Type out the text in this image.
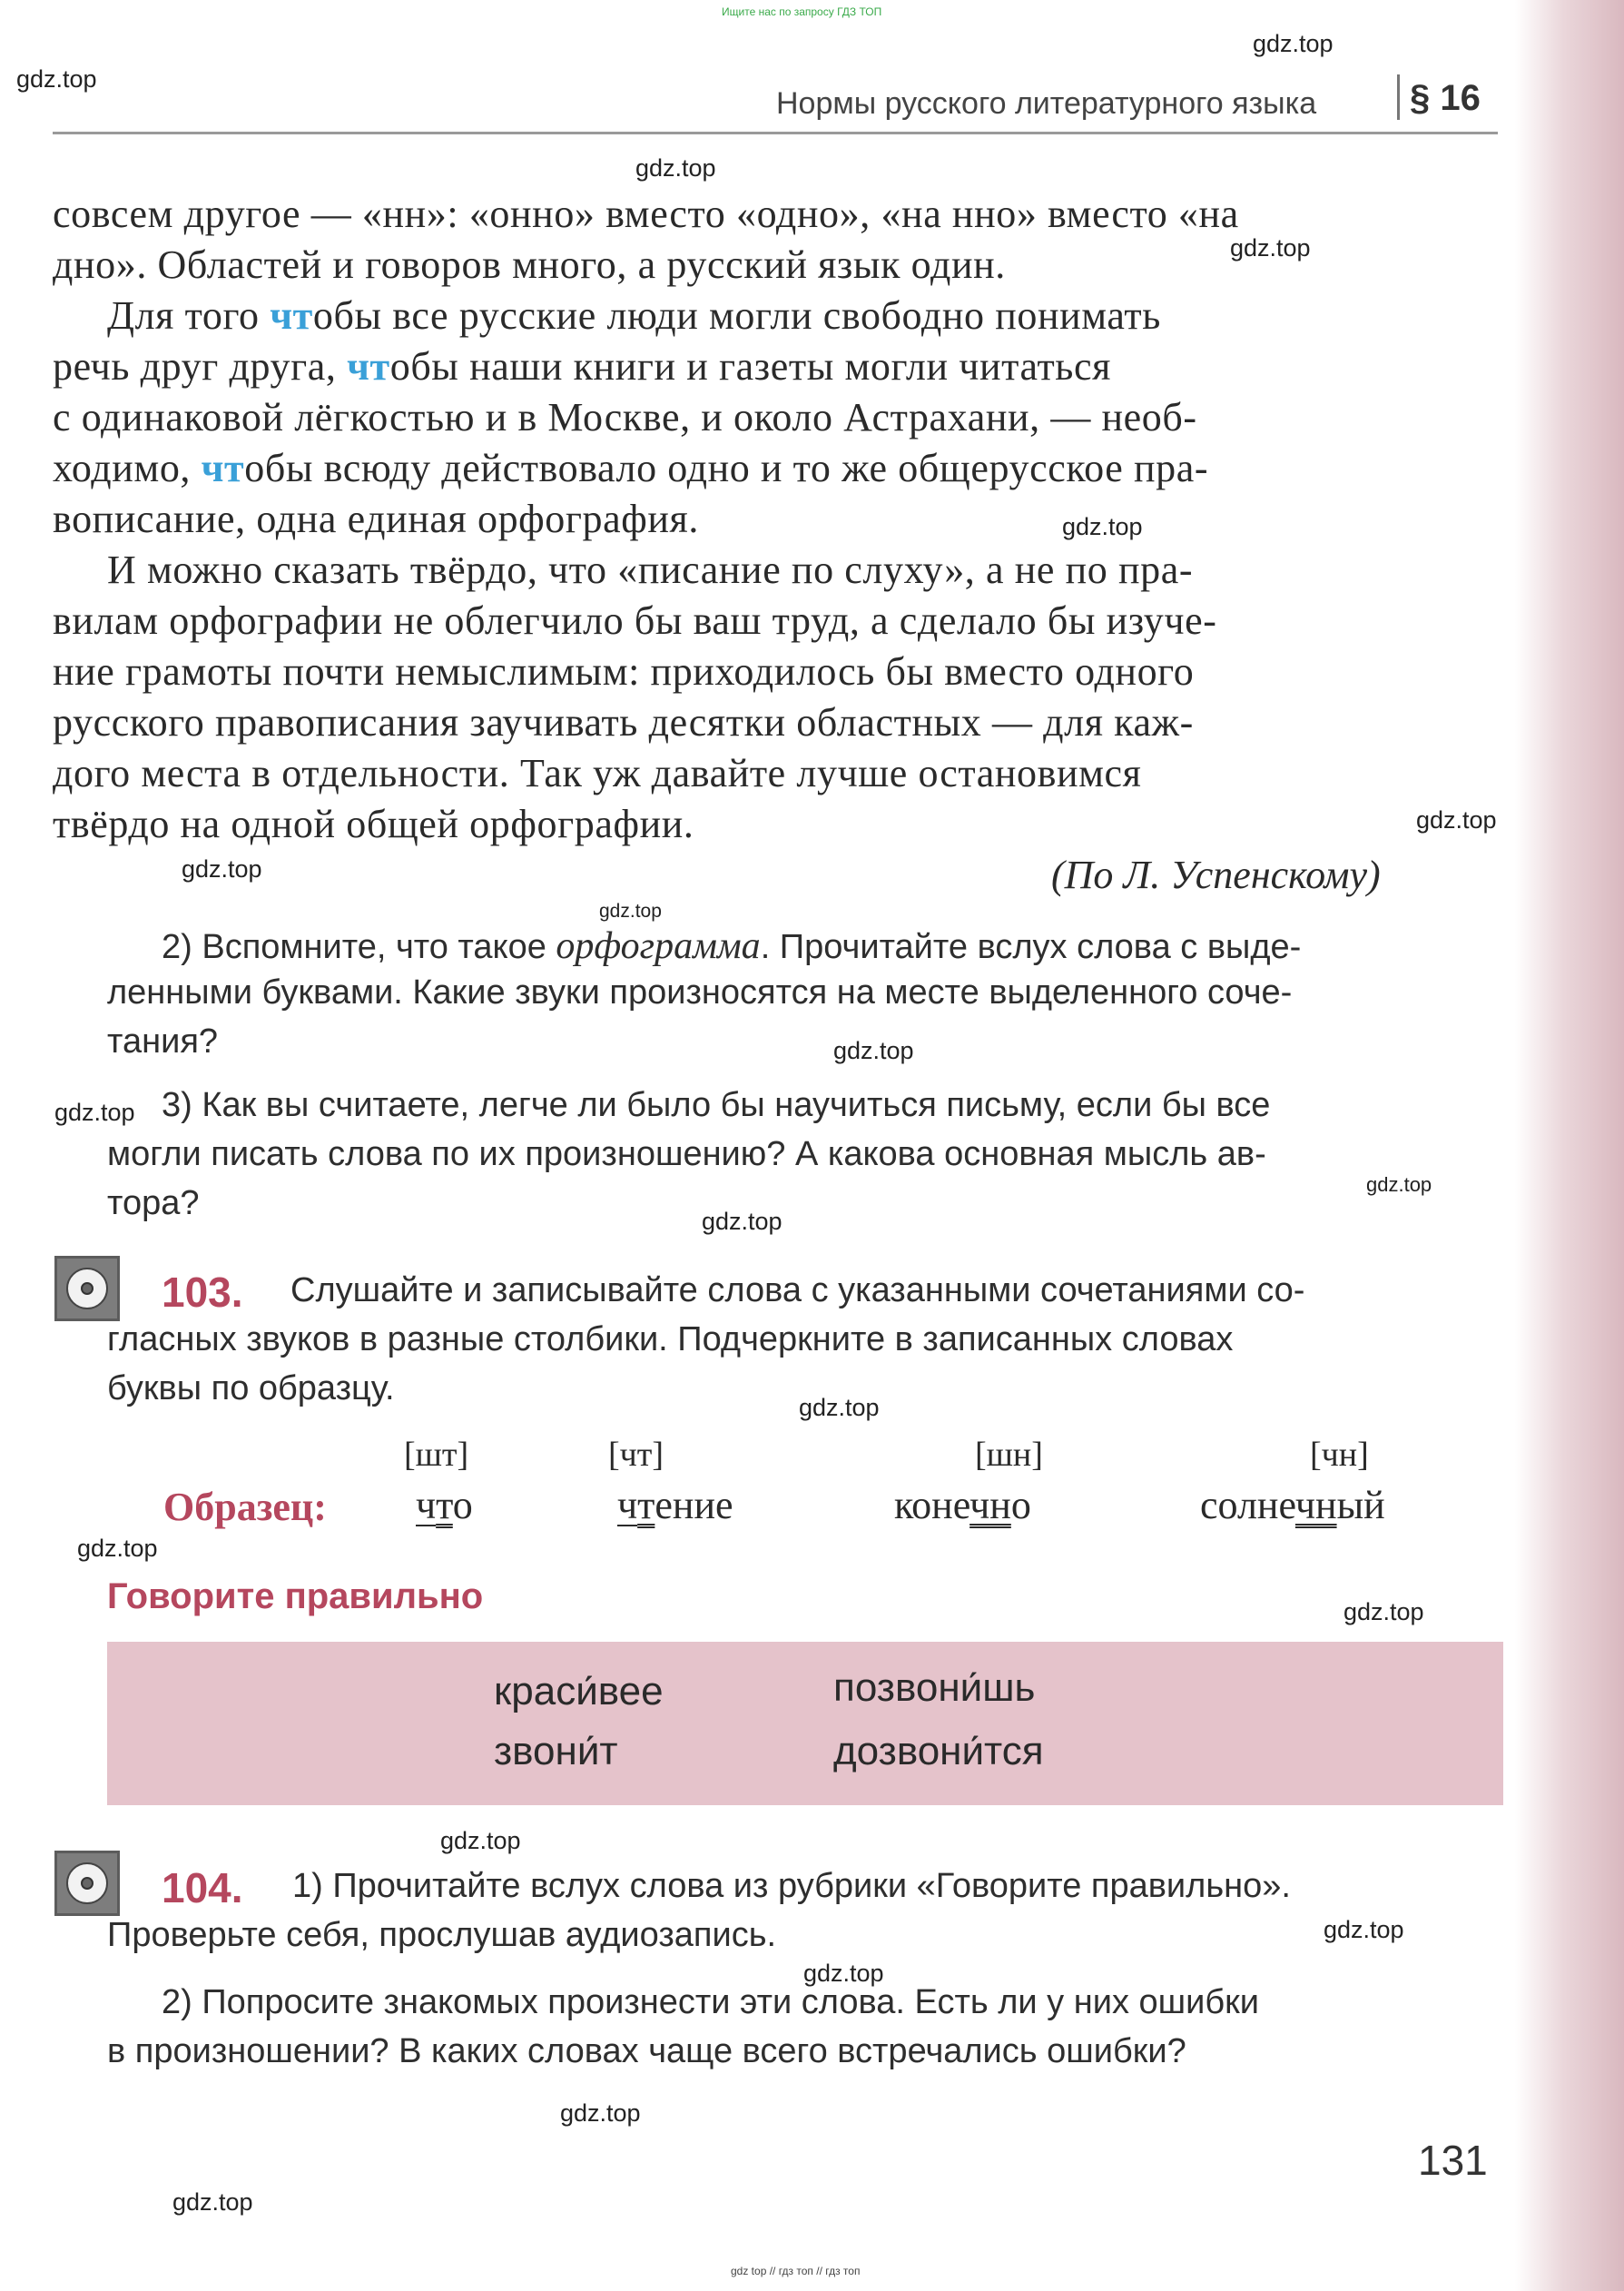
Ищите нас по запросу ГДЗ ТОП
gdz.top
gdz.top
gdz.top
gdz.top
gdz.top
gdz.top
gdz.top
gdz.top
gdz.top
gdz.top
gdz.top
gdz.top
gdz.top
gdz.top
gdz.top
gdz.top
gdz.top
gdz.top
gdz.top
gdz.top
gdz top // гдз топ // гдз топ
Нормы русского литературного языка	§ 16
совсем другое — «нн»: «онно» вместо «одно», «на нно» вместо «на
дно». Областей и говоров много, а русский язык один.
Для того чтобы все русские люди могли свободно понимать
речь друг друга, чтобы наши книги и газеты могли читаться
с одинаковой лёгкостью и в Москве, и около Астрахани, — необ-
ходимо, чтобы всюду действовало одно и то же общерусское пра-
вописание, одна единая орфография.
И можно сказать твёрдо, что «писание по слуху», а не по пра-
вилам орфографии не облегчило бы ваш труд, а сделало бы изуче-
ние грамоты почти немыслимым: приходилось бы вместо одного
русского правописания заучивать десятки областных — для каж-
дого места в отдельности. Так уж давайте лучше остановимся
твёрдо на одной общей орфографии.
(По Л. Успенскому)
2) Вспомните, что такое орфограмма. Прочитайте вслух слова с выде-
ленными буквами. Какие звуки произносятся на месте выделенного соче-
тания?
3) Как вы считаете, легче ли было бы научиться письму, если бы все
могли писать слова по их произношению? А какова основная мысль ав-
тора?
103. Слушайте и записывайте слова с указанными сочетаниями со-
гласных звуков в разные столбики. Подчеркните в записанных словах
буквы по образцу.
[шт]	[чт]	[шн]	[чн]
Образец: что	чтение	конечно	солнечный
Говорите правильно
краси́вее	позвони́шь
звони́т	дозвони́тся
104. 1) Прочитайте вслух слова из рубрики «Говорите правильно».
Проверьте себя, прослушав аудиозапись.
2) Попросите знакомых произнести эти слова. Есть ли у них ошибки
в произношении? В каких словах чаще всего встречались ошибки?
131
